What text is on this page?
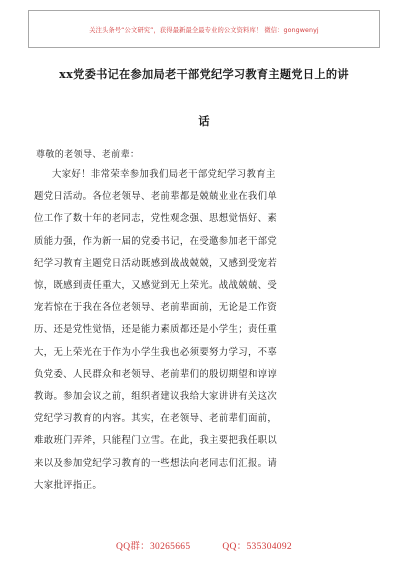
关注头条号“公文研究”，获得最新最全最专业的公文资料库！ 微信：gongwenyj
xx党委书记在参加局老干部党纪学习教育主题党日上的讲
话
尊敬的老领导、老前辈：
大家好！非常荣幸参加我们局老干部党纪学习教育主
题党日活动。各位老领导、老前辈都是兢兢业业在我们单
位工作了数十年的老同志，党性观念强、思想觉悟好、素
质能力强，作为新一届的党委书记，在受邀参加老干部党
纪学习教育主题党日活动既感到战战兢兢，又感到受宠若
惊，既感到责任重大，又感觉到无上荣光。战战兢兢、受
宠若惊在于我在各位老领导、老前辈面前，无论是工作资
历、还是党性觉悟，还是能力素质都还是小学生；责任重
大，无上荣光在于作为小学生我也必须要努力学习，不辜
负党委、人民群众和老领导、老前辈们的殷切期望和谆谆
教诲。参加会议之前，组织者建议我给大家讲讲有关这次
党纪学习教育的内容。其实，在老领导、老前辈们面前，
难敢班门弄斧，只能程门立雪。在此，我主要把我任职以
来以及参加党纪学习教育的一些想法向老同志们汇报。请
大家批评指正。
QQ群：30265665	QQ：535304092
